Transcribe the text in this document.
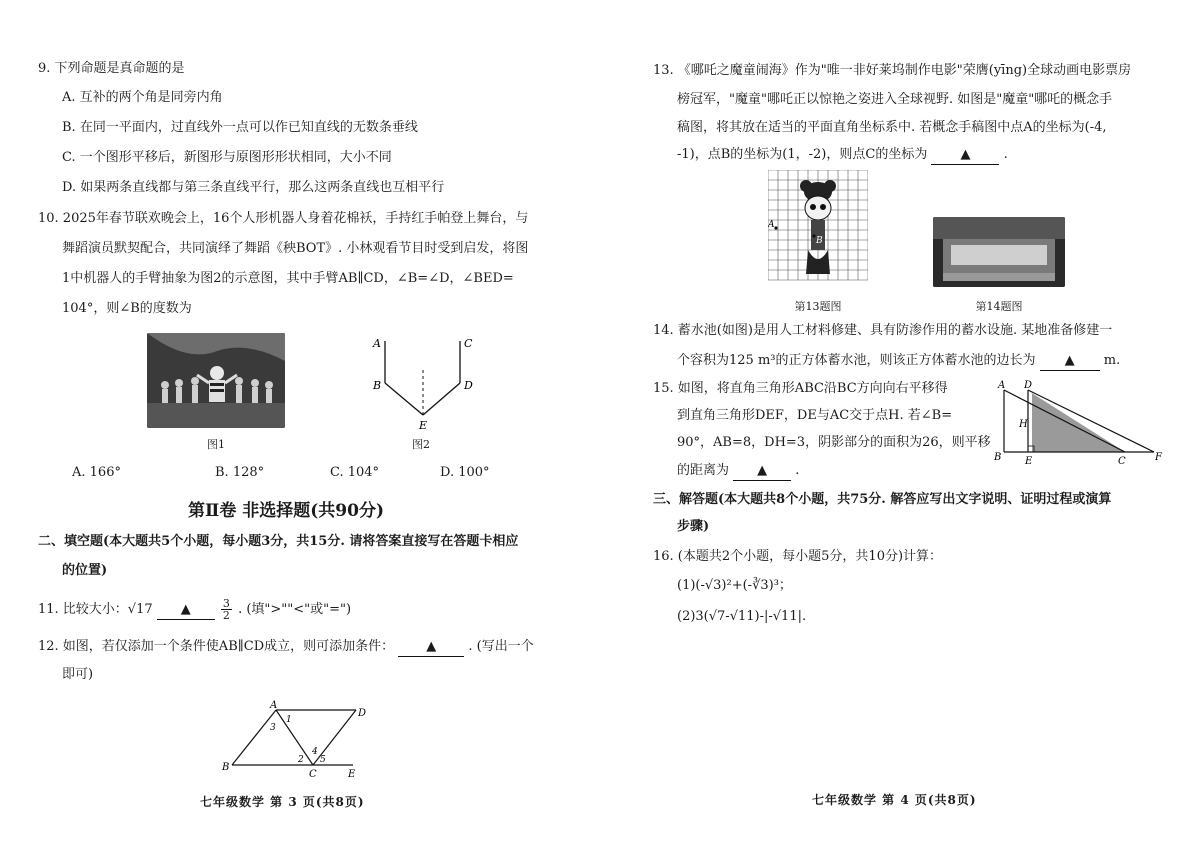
9. 下列命题是真命题的是
A. 互补的两个角是同旁内角
B. 在同一平面内，过直线外一点可以作已知直线的无数条垂线
C. 一个图形平移后，新图形与原图形形状相同，大小不同
D. 如果两条直线都与第三条直线平行，那么这两条直线也互相平行
10. 2025年春节联欢晚会上，16个人形机器人身着花棉袄，手持红手帕登上舞台，与
舞蹈演员默契配合，共同演绎了舞蹈《秧BOT》. 小林观看节目时受到启发，将图
1中机器人的手臂抽象为图2的示意图，其中手臂AB∥CD，∠B=∠D，∠BED=
104°，则∠B的度数为
图1
A
B
C
D
E
图2
A. 166°	B. 128°	C. 104°	D. 100°
第Ⅱ卷 非选择题(共90分)
二、填空题(本大题共5个小题，每小题3分，共15分. 请将答案直接写在答题卡相应
的位置)
11. 比较大小：√17 ▲	$\frac{3}{2}$ . (填">""<"或"=")
12. 如图，若仅添加一个条件使AB∥CD成立，则可添加条件： ▲ . (写出一个
即可)
A
D
1
3
4
2 5
B
C	E
七年级数学 第 3 页(共8页)
13. 《哪吒之魔童闹海》作为"唯一非好莱坞制作电影"荣膺(yīng)全球动画电影票房
榜冠军，"魔童"哪吒正以惊艳之姿进入全球视野. 如图是"魔童"哪吒的概念手
稿图，将其放在适当的平面直角坐标系中. 若概念手稿图中点A的坐标为(-4,
-1)，点B的坐标为(1，-2)，则点C的坐标为	▲	.
A
B
第13题图	第14题图
14. 蓄水池(如图)是用人工材料修建、具有防渗作用的蓄水设施. 某地准备修建一
个容积为125 m³的正方体蓄水池，则该正方体蓄水池的边长为 ▲ m.
15. 如图，将直角三角形ABC沿BC方向向右平移得
到直角三角形DEF，DE与AC交于点H. 若∠B=
90°，AB=8，DH=3，阴影部分的面积为26，则平移
的距离为 ▲ .
A D
H
B E	C	F
三、解答题(本大题共8个小题，共75分. 解答应写出文字说明、证明过程或演算
步骤)
16. (本题共2个小题，每小题5分，共10分)计算：
(1)(-√3)²+(-∛3)³；
(2)3(√7-√11)-|-√11|.
七年级数学 第 4 页(共8页)
